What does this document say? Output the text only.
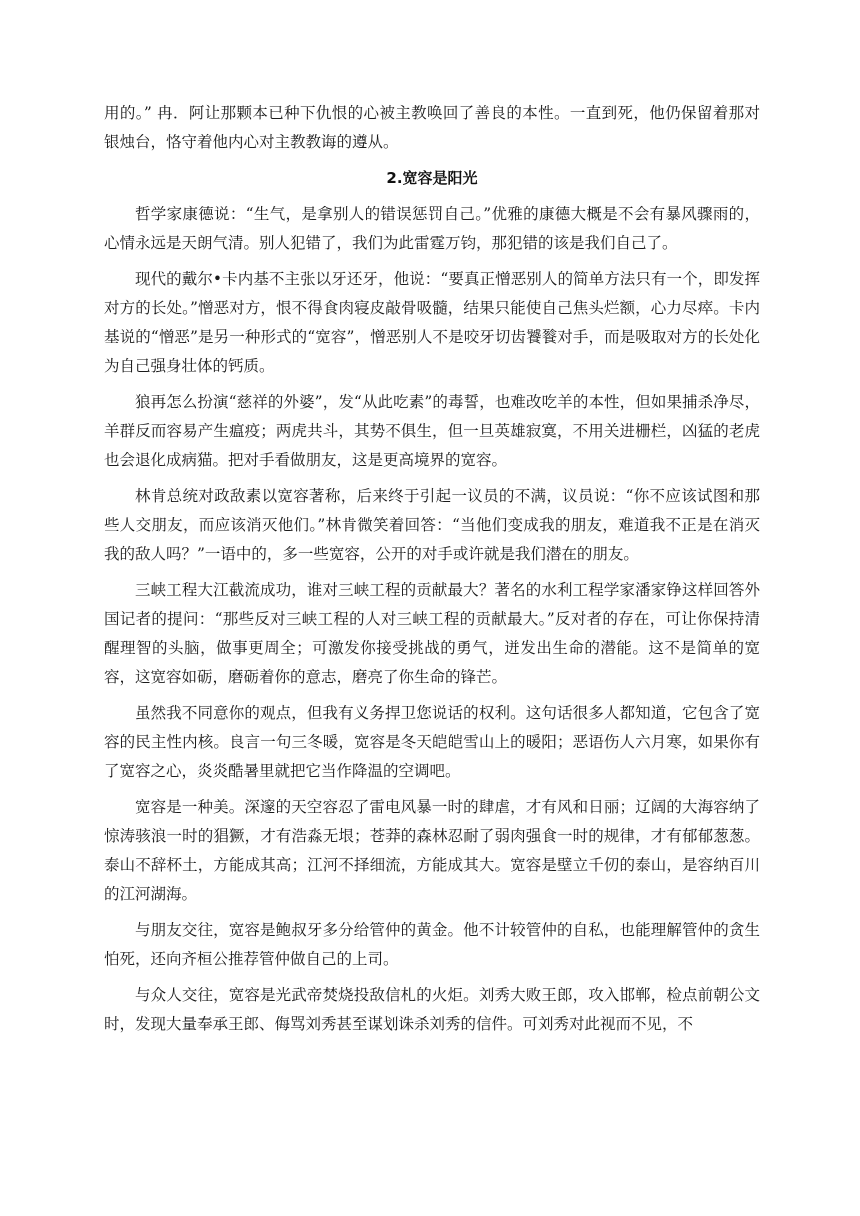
用的。” 冉．阿让那颗本已种下仇恨的心被主教唤回了善良的本性。一直到死，他仍保留着那对银烛台，恪守着他内心对主教教诲的遵从。

2.宽容是阳光

哲学家康德说：“生气，是拿别人的错误惩罚自己。”优雅的康德大概是不会有暴风骤雨的，心情永远是天朗气清。别人犯错了，我们为此雷霆万钧，那犯错的该是我们自己了。

现代的戴尔•卡内基不主张以牙还牙，他说：“要真正憎恶别人的简单方法只有一个，即发挥对方的长处。”憎恶对方，恨不得食肉寝皮敲骨吸髓，结果只能使自己焦头烂额，心力尽瘁。卡内基说的“憎恶”是另一种形式的“宽容”，憎恶别人不是咬牙切齿饕餮对手，而是吸取对方的长处化为自己强身壮体的钙质。

狼再怎么扮演“慈祥的外婆”，发“从此吃素”的毒誓，也难改吃羊的本性，但如果捕杀净尽，羊群反而容易产生瘟疫；两虎共斗，其势不俱生，但一旦英雄寂寞，不用关进栅栏，凶猛的老虎也会退化成病猫。把对手看做朋友，这是更高境界的宽容。

林肯总统对政敌素以宽容著称，后来终于引起一议员的不满，议员说：“你不应该试图和那些人交朋友，而应该消灭他们。”林肯微笑着回答：“当他们变成我的朋友，难道我不正是在消灭我的敌人吗？”一语中的，多一些宽容，公开的对手或许就是我们潜在的朋友。

三峡工程大江截流成功，谁对三峡工程的贡献最大？著名的水利工程学家潘家铮这样回答外国记者的提问：“那些反对三峡工程的人对三峡工程的贡献最大。”反对者的存在，可让你保持清醒理智的头脑，做事更周全；可激发你接受挑战的勇气，迸发出生命的潜能。这不是简单的宽容，这宽容如砺，磨砺着你的意志，磨亮了你生命的锋芒。

虽然我不同意你的观点，但我有义务捍卫您说话的权利。这句话很多人都知道，它包含了宽容的民主性内核。良言一句三冬暖，宽容是冬天皑皑雪山上的暖阳；恶语伤人六月寒，如果你有了宽容之心，炎炎酷暑里就把它当作降温的空调吧。

宽容是一种美。深邃的天空容忍了雷电风暴一时的肆虐，才有风和日丽；辽阔的大海容纳了惊涛骇浪一时的猖獗，才有浩淼无垠；苍莽的森林忍耐了弱肉强食一时的规律，才有郁郁葱葱。泰山不辞杯土，方能成其高；江河不择细流，方能成其大。宽容是壁立千仞的泰山，是容纳百川的江河湖海。

与朋友交往，宽容是鲍叔牙多分给管仲的黄金。他不计较管仲的自私，也能理解管仲的贪生怕死，还向齐桓公推荐管仲做自己的上司。

与众人交往，宽容是光武帝焚烧投敌信札的火炬。刘秀大败王郎，攻入邯郸，检点前朝公文时，发现大量奉承王郎、侮骂刘秀甚至谋划诛杀刘秀的信件。可刘秀对此视而不见，不
